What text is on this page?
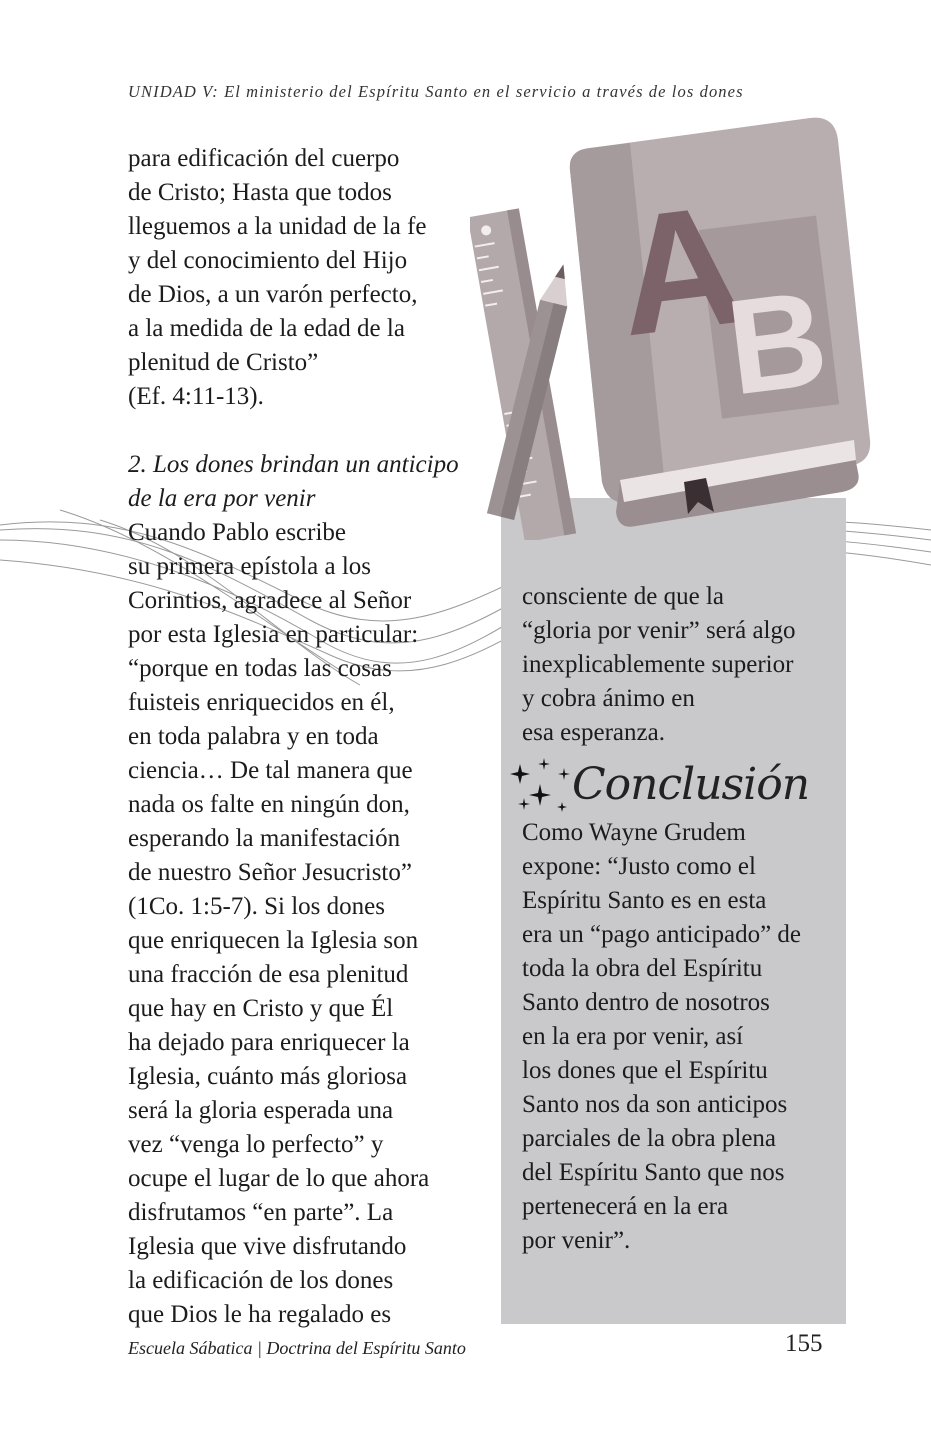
UNIDAD V: El ministerio del Espíritu Santo en el servicio a través de los dones

para edificación del cuerpo
de Cristo; Hasta que todos
lleguemos a la unidad de la fe
y del conocimiento del Hijo
de Dios, a un varón perfecto,
a la medida de la edad de la
plenitud de Cristo”
(Ef. 4:11-13).

2. Los dones brindan un anticipo
de la era por venir

Cuando Pablo escribe
su primera epístola a los
Corintios, agradece al Señor
por esta Iglesia en particular:
“porque en todas las cosas
fuisteis enriquecidos en él,
en toda palabra y en toda
ciencia… De tal manera que
nada os falte en ningún don,
esperando la manifestación
de nuestro Señor Jesucristo”
(1Co. 1:5-7). Si los dones
que enriquecen la Iglesia son
una fracción de esa plenitud
que hay en Cristo y que Él
ha dejado para enriquecer la
Iglesia, cuánto más gloriosa
será la gloria esperada una
vez “venga lo perfecto” y
ocupe el lugar de lo que ahora
disfrutamos “en parte”. La
Iglesia que vive disfrutando
la edificación de los dones
que Dios le ha regalado es

A
B
consciente de que la
“gloria por venir” será algo
inexplicablemente superior
y cobra ánimo en
esa esperanza.
Conclusión
Como Wayne Grudem
expone: “Justo como el
Espíritu Santo es en esta
era un “pago anticipado” de
toda la obra del Espíritu
Santo dentro de nosotros
en la era por venir, así
los dones que el Espíritu
Santo nos da son anticipos
parciales de la obra plena
del Espíritu Santo que nos
pertenecerá en la era
por venir”.
Escuela Sábatica | Doctrina del Espíritu Santo	155
